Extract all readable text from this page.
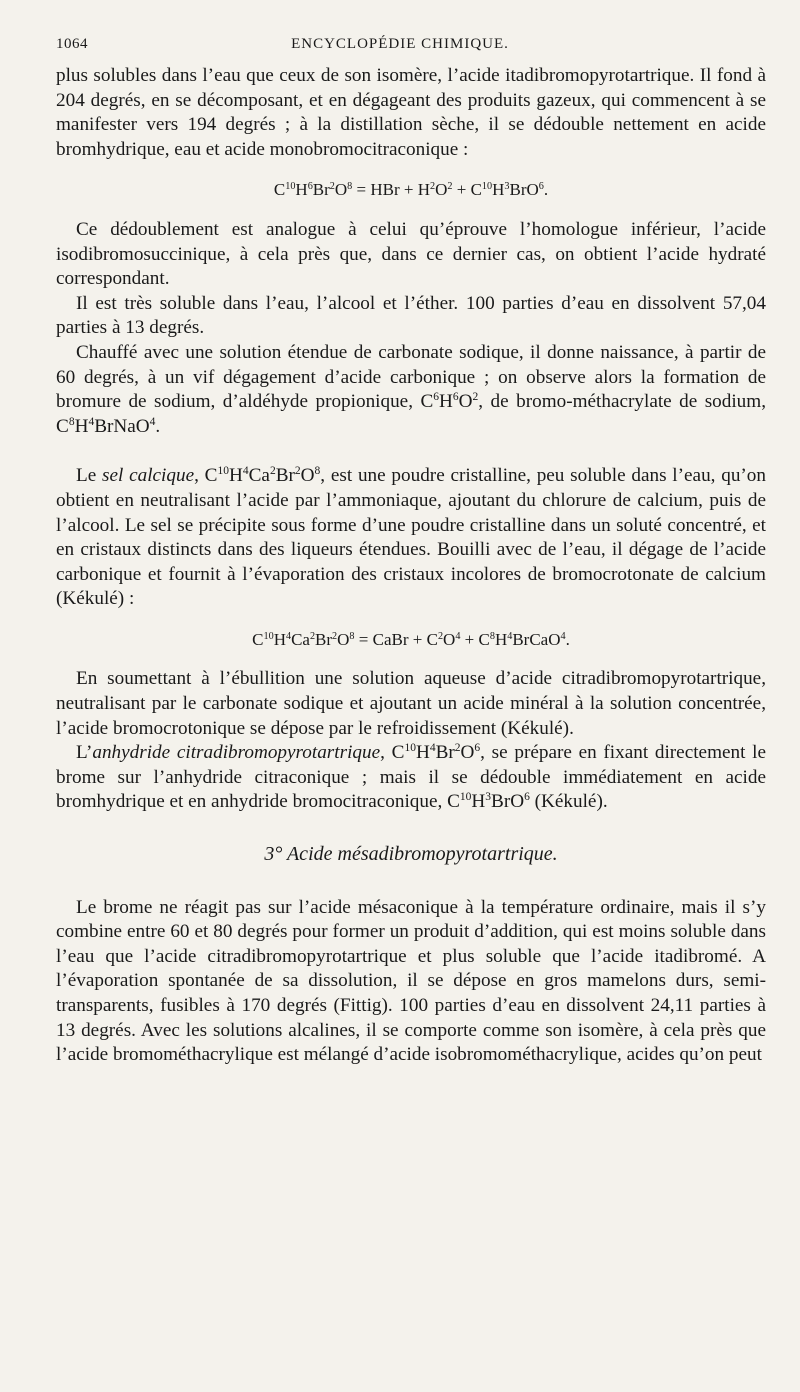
1064	ENCYCLOPÉDIE CHIMIQUE.

plus solubles dans l’eau que ceux de son isomère, l’acide itadibromopyrotartrique. Il fond à 204 degrés, en se décomposant, et en dégageant des produits gazeux, qui commencent à se manifester vers 194 degrés ; à la distillation sèche, il se dédouble nettement en acide bromhydrique, eau et acide monobromocitraconique :

$C^{10}H^6Br^2O^8$ = HBr + $H^2O^2 + C^{10}H^3BrO^6$.

Ce dédoublement est analogue à celui qu’éprouve l’homologue inférieur, l’acide isodibromosuccinique, à cela près que, dans ce dernier cas, on obtient l’acide hydraté correspondant.

Il est très soluble dans l’eau, l’alcool et l’éther. 100 parties d’eau en dissolvent 57,04 parties à 13 degrés.

Chauffé avec une solution étendue de carbonate sodique, il donne naissance, à partir de 60 degrés, à un vif dégagement d’acide carbonique ; on observe alors la formation de bromure de sodium, d’aldéhyde propionique, $C^6H^6O^2$, de bromo-méthacrylate de sodium, $C^8H^4BrNaO^4$.

Le sel calcique, $C^{10}H^4Ca^2Br^2O^8$, est une poudre cristalline, peu soluble dans l’eau, qu’on obtient en neutralisant l’acide par l’ammoniaque, ajoutant du chlorure de calcium, puis de l’alcool. Le sel se précipite sous forme d’une poudre cristalline dans un soluté concentré, et en cristaux distincts dans des liqueurs étendues. Bouilli avec de l’eau, il dégage de l’acide carbonique et fournit à l’évaporation des cristaux incolores de bromocrotonate de calcium (Kékulé) :

$C^{10}H^4Ca^2Br^2O^8$ = CaBr + $C^2O^4$ + $C^8H^4BrCaO^4$.

En soumettant à l’ébullition une solution aqueuse d’acide citradibromopyrotartrique, neutralisant par le carbonate sodique et ajoutant un acide minéral à la solution concentrée, l’acide bromocrotonique se dépose par le refroidissement (Kékulé).

L’anhydride citradibromopyrotartrique, $C^{10}H^4Br^2O^6$, se prépare en fixant directement le brome sur l’anhydride citraconique ; mais il se dédouble immédiatement en acide bromhydrique et en anhydride bromocitraconique, $C^{10}H^3BrO^6$ (Kékulé).

3° Acide mésadibromopyrotartrique.

Le brome ne réagit pas sur l’acide mésaconique à la température ordinaire, mais il s’y combine entre 60 et 80 degrés pour former un produit d’addition, qui est moins soluble dans l’eau que l’acide citradibromopyrotartrique et plus soluble que l’acide itadibromé. A l’évaporation spontanée de sa dissolution, il se dépose en gros mamelons durs, semi-transparents, fusibles à 170 degrés (Fittig). 100 parties d’eau en dissolvent 24,11 parties à 13 degrés. Avec les solutions alcalines, il se comporte comme son isomère, à cela près que l’acide bromométhacrylique est mélangé d’acide isobromométhacrylique, acides qu’on peut
